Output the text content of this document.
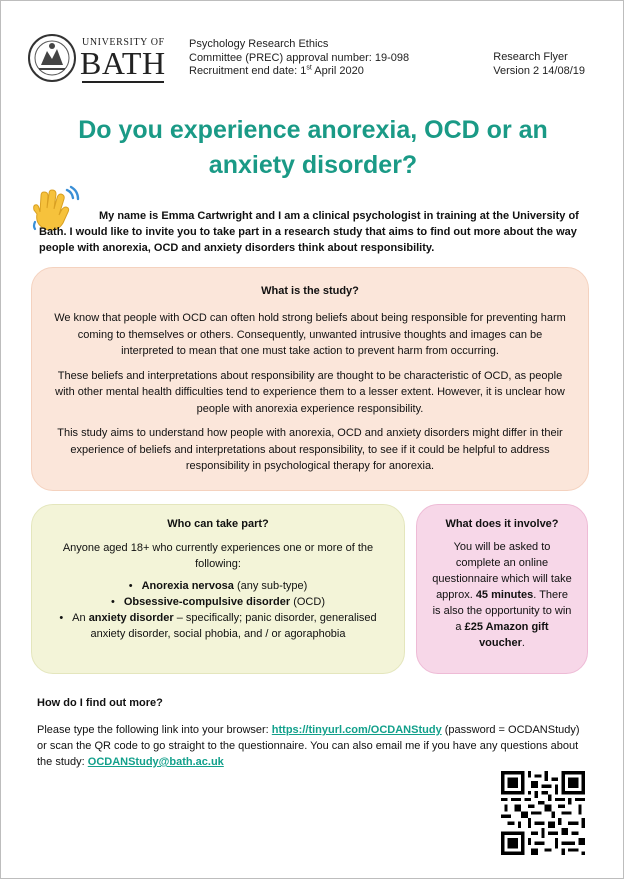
UNIVERSITY OF
BATH
Psychology Research Ethics
Committee (PREC) approval number: 19-098
Recruitment end date: 1st April 2020
Research Flyer
Version 2 14/08/19
Do you experience anorexia, OCD or an anxiety disorder?
My name is Emma Cartwright and I am a clinical psychologist in training at the University of
Bath. I would like to invite you to take part in a research study that aims to find out more about the way people with anorexia, OCD and anxiety disorders think about responsibility.
What is the study?

We know that people with OCD can often hold strong beliefs about being responsible for preventing harm coming to themselves or others. Consequently, unwanted intrusive thoughts and images can be interpreted to mean that one must take action to prevent harm from occurring.

These beliefs and interpretations about responsibility are thought to be characteristic of OCD, as people with other mental health difficulties tend to experience them to a lesser extent. However, it is unclear how people with anorexia experience responsibility.

This study aims to understand how people with anorexia, OCD and anxiety disorders might differ in their experience of beliefs and interpretations about responsibility, to see if it could be helpful to address responsibility in psychological therapy for anorexia.

Who can take part?

Anyone aged 18+ who currently experiences one or more of the following:

• Anorexia nervosa (any sub-type)
• Obsessive-compulsive disorder (OCD)
• An anxiety disorder – specifically; panic disorder, generalised anxiety disorder, social phobia, and / or agoraphobia
What does it involve?

You will be asked to complete an online questionnaire which will take approx. 45 minutes. There is also the opportunity to win a £25 Amazon gift voucher.

How do I find out more?

Please type the following link into your browser: https://tinyurl.com/OCDANStudy (password = OCDANStudy) or scan the QR code to go straight to the questionnaire. You can also email me if you have any questions about the study: OCDANStudy@bath.ac.uk
